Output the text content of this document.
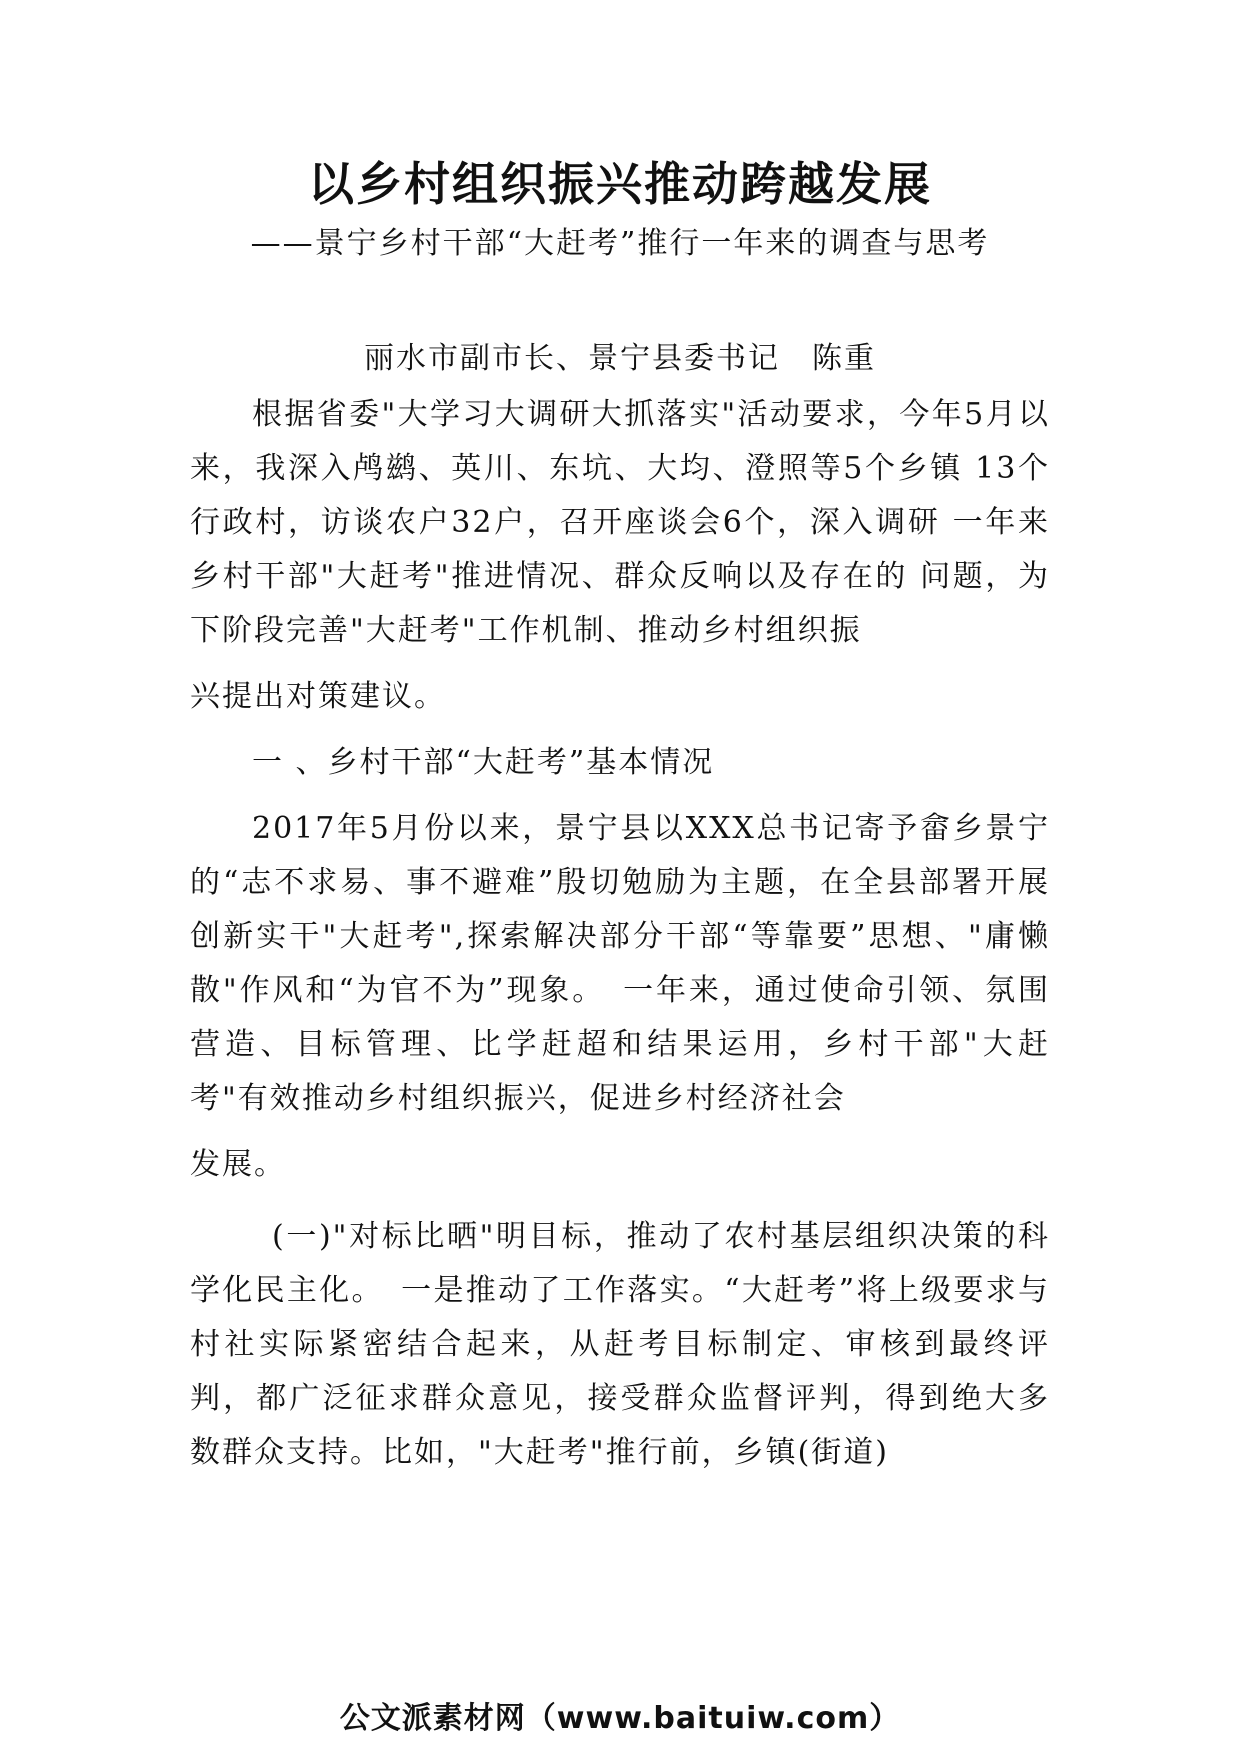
以乡村组织振兴推动跨越发展

——景宁乡村干部“大赶考”推行一年来的调查与思考

丽水市副市长、景宁县委书记　陈重

根据省委"大学习大调研大抓落实"活动要求，今年5月以来，我深入鸬鹚、英川、东坑、大均、澄照等5个乡镇 13个行政村，访谈农户32户，召开座谈会6个，深入调研 一年来乡村干部"大赶考"推进情况、群众反响以及存在的 问题，为下阶段完善"大赶考"工作机制、推动乡村组织振

兴提出对策建议。

一 、乡村干部“大赶考”基本情况

2017年5月份以来，景宁县以XXX总书记寄予畲乡景宁的“志不求易、事不避难”殷切勉励为主题，在全县部署开展创新实干"大赶考",探索解决部分干部“等靠要”思想、"庸懒散"作风和“为官不为”现象。　一年来，通过使命引领、氛围营造、目标管理、比学赶超和结果运用，乡村干部"大赶考"有效推动乡村组织振兴，促进乡村经济社会

发展。

(一)"对标比晒"明目标，推动了农村基层组织决策的科学化民主化。　一是推动了工作落实。“大赶考”将上级要求与村社实际紧密结合起来，从赶考目标制定、审核到最终评判，都广泛征求群众意见，接受群众监督评判，得到绝大多数群众支持。比如，"大赶考"推行前，乡镇(街道)

公文派素材网（www.baituiw.com）
